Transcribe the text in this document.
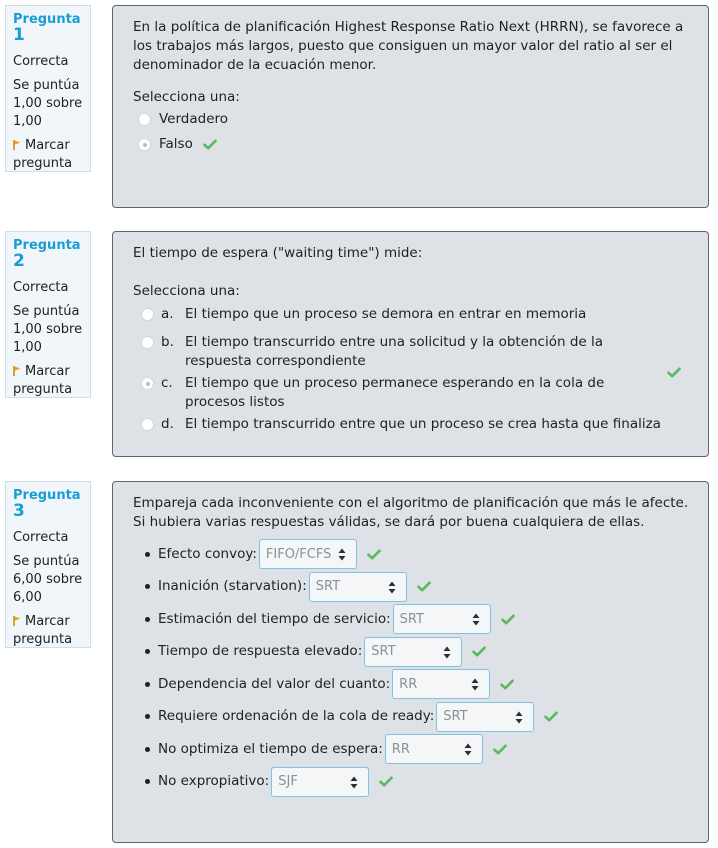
Pregunta
1
Correcta
Se puntúa 1,00 sobre 1,00
Marcar pregunta

En la política de planificación Highest Response Ratio Next (HRRN), se favorece a los trabajos más largos, puesto que consiguen un mayor valor del ratio al ser el denominador de la ecuación menor.

Selecciona una:
Verdadero
Falso
Pregunta
2
Correcta
Se puntúa 1,00 sobre 1,00
Marcar pregunta

El tiempo de espera ("waiting time") mide:

Selecciona una:
a. El tiempo que un proceso se demora en entrar en memoria
b. El tiempo transcurrido entre una solicitud y la obtención de la respuesta correspondiente
c. El tiempo que un proceso permanece esperando en la cola de procesos listos
d. El tiempo transcurrido entre que un proceso se crea hasta que finaliza
Pregunta
3
Correcta
Se puntúa 6,00 sobre 6,00
Marcar pregunta

Empareja cada inconveniente con el algoritmo de planificación que más le afecte. Si hubiera varias respuestas válidas, se dará por buena cualquiera de ellas.

Efecto convoy: FIFO/FCFS
Inanición (starvation): SRT
Estimación del tiempo de servicio: SRT
Tiempo de respuesta elevado: SRT
Dependencia del valor del cuanto: RR
Requiere ordenación de la cola de ready: SRT
No optimiza el tiempo de espera: RR
No expropiativo: SJF
